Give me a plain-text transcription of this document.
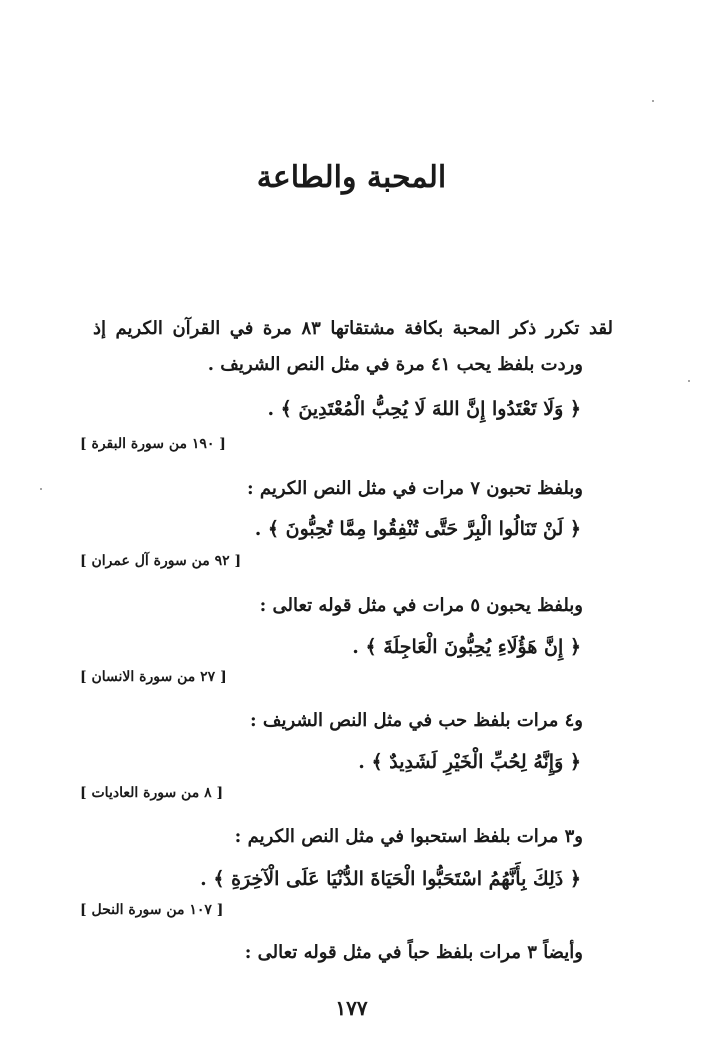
المحبة والطاعة
لقد تكرر ذكر المحبة بكافة مشتقاتها ٨٣ مرة في القرآن الكريم إذ
وردت بلفظ يحب ٤١ مرة في مثل النص الشريف .
﴿ وَلَا تَعْتَدُوا إِنَّ اللهَ لَا يُحِبُّ الْمُعْتَدِينَ ﴾ .
[ ١٩٠ من سورة البقرة ]
وبلفظ تحبون ٧ مرات في مثل النص الكريم :
﴿ لَنْ تَنَالُوا الْبِرَّ حَتَّى تُنْفِقُوا مِمَّا تُحِبُّونَ ﴾ .
[ ٩٢ من سورة آل عمران ]
وبلفظ يحبون ٥ مرات في مثل قوله تعالى :
﴿ إِنَّ هَؤُلَاءِ يُحِبُّونَ الْعَاجِلَةَ ﴾ .
[ ٢٧ من سورة الانسان ]
و٤ مرات بلفظ حب في مثل النص الشريف :
﴿ وَإِنَّهُ لِحُبِّ الْخَيْرِ لَشَدِيدٌ ﴾ .
[ ٨ من سورة العاديات ]
و٣ مرات بلفظ استحبوا في مثل النص الكريم :
﴿ ذَلِكَ بِأَنَّهُمُ اسْتَحَبُّوا الْحَيَاةَ الدُّنْيَا عَلَى الْآخِرَةِ ﴾ .
[ ١٠٧ من سورة النحل ]
وأيضاً ٣ مرات بلفظ حباً في مثل قوله تعالى :
١٧٧
